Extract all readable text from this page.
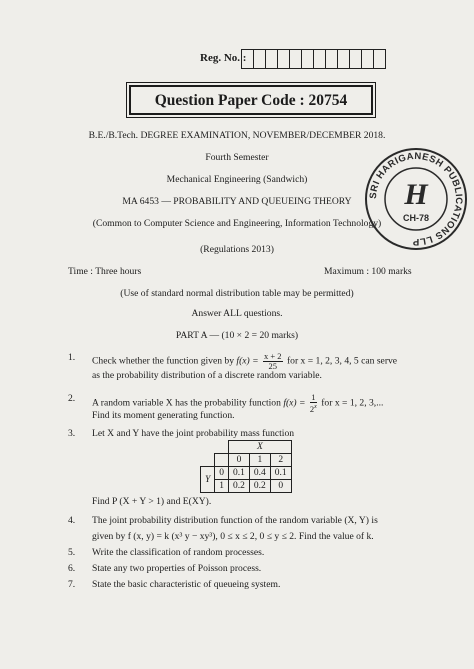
Reg. No. :
Question Paper Code : 20754
B.E./B.Tech. DEGREE EXAMINATION, NOVEMBER/DECEMBER 2018.
Fourth Semester
Mechanical Engineering (Sandwich)
MA 6453 — PROBABILITY AND QUEUEING THEORY
(Common to Computer Science and Engineering, Information Technology)
(Regulations 2013)
SRI HARIGANESH PUBLICATIONS LLP
H
CH-78
Time : Three hours	Maximum : 100 marks
(Use of standard normal distribution table may be permitted)
Answer ALL questions.
PART A — (10 × 2 = 20 marks)
1. Check whether the function given by $f(x) = \frac{x + 2}{25}$ for x = 1, 2, 3, 4, 5 can serve
as the probability distribution of a discrete random variable.
2. A random variable X has the probability function $f(x) = \frac{1}{2^x}$ for x = 1, 2, 3,...
Find its moment generating function.
3. Let X and Y have the joint probability mass function
		X		
		0	1	2
Y	0	0.1	0.4	0.1
	1	0.2	0.2	0
Find P (X + Y > 1) and E(XY).
4. The joint probability distribution function of the random variable (X, Y) is
given by f (x, y) = k (x³ y − xy³), 0 ≤ x ≤ 2, 0 ≤ y ≤ 2. Find the value of k.
5. Write the classification of random processes.
6. State any two properties of Poisson process.
7. State the basic characteristic of queueing system.
